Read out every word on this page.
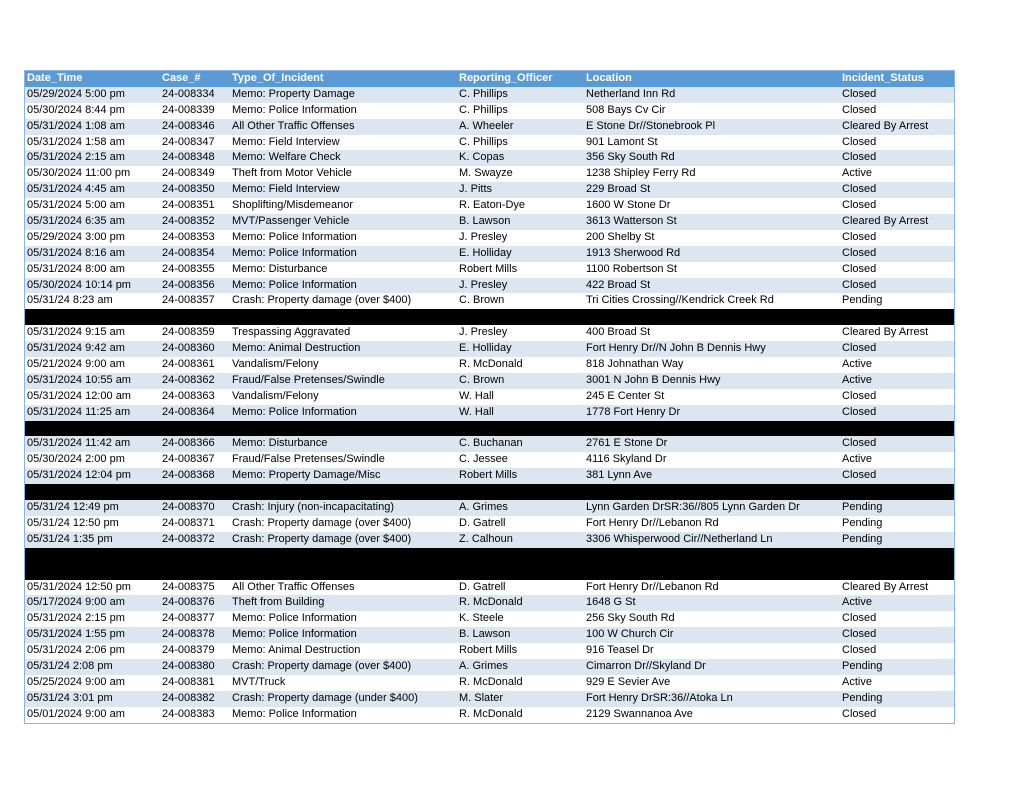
Date_Time	Case_#	Type_Of_Incident	Reporting_Officer	Location	Incident_Status
05/29/2024 5:00 pm	24-008334	Memo: Property Damage	C. Phillips	Netherland Inn Rd	Closed
05/30/2024 8:44 pm	24-008339	Memo: Police Information	C. Phillips	508 Bays Cv Cir	Closed
05/31/2024 1:08 am	24-008346	All Other Traffic Offenses	A. Wheeler	E Stone Dr//Stonebrook Pl	Cleared By Arrest
05/31/2024 1:58 am	24-008347	Memo: Field Interview	C. Phillips	901 Lamont St	Closed
05/31/2024 2:15 am	24-008348	Memo: Welfare Check	K. Copas	356 Sky South Rd	Closed
05/30/2024 11:00 pm	24-008349	Theft from Motor Vehicle	M. Swayze	1238 Shipley Ferry Rd	Active
05/31/2024 4:45 am	24-008350	Memo: Field Interview	J. Pitts	229 Broad St	Closed
05/31/2024 5:00 am	24-008351	Shoplifting/Misdemeanor	R. Eaton-Dye	1600 W Stone Dr	Closed
05/31/2024 6:35 am	24-008352	MVT/Passenger Vehicle	B. Lawson	3613 Watterson St	Cleared By Arrest
05/29/2024 3:00 pm	24-008353	Memo: Police Information	J. Presley	200 Shelby St	Closed
05/31/2024 8:16 am	24-008354	Memo: Police Information	E. Holliday	1913 Sherwood Rd	Closed
05/31/2024 8:00 am	24-008355	Memo: Disturbance	Robert Mills	1100 Robertson St	Closed
05/30/2024 10:14 pm	24-008356	Memo: Police Information	J. Presley	422 Broad St	Closed
05/31/24 8:23 am	24-008357	Crash: Property damage (over $400)	C. Brown	Tri Cities Crossing//Kendrick Creek Rd	Pending
05/31/2024 9:15 am	24-008359	Trespassing Aggravated	J. Presley	400 Broad St	Cleared By Arrest
05/31/2024 9:42 am	24-008360	Memo: Animal Destruction	E. Holliday	Fort Henry Dr//N John B Dennis Hwy	Closed
05/21/2024 9:00 am	24-008361	Vandalism/Felony	R. McDonald	818 Johnathan Way	Active
05/31/2024 10:55 am	24-008362	Fraud/False Pretenses/Swindle	C. Brown	3001 N John B Dennis Hwy	Active
05/31/2024 12:00 am	24-008363	Vandalism/Felony	W. Hall	245 E Center St	Closed
05/31/2024 11:25 am	24-008364	Memo: Police Information	W. Hall	1778 Fort Henry Dr	Closed
05/31/2024 11:42 am	24-008366	Memo: Disturbance	C. Buchanan	2761 E Stone Dr	Closed
05/30/2024 2:00 pm	24-008367	Fraud/False Pretenses/Swindle	C. Jessee	4116 Skyland Dr	Active
05/31/2024 12:04 pm	24-008368	Memo: Property Damage/Misc	Robert Mills	381 Lynn Ave	Closed
05/31/24 12:49 pm	24-008370	Crash: Injury (non-incapacitating)	A. Grimes	Lynn Garden DrSR:36//805 Lynn Garden Dr	Pending
05/31/24 12:50 pm	24-008371	Crash: Property damage (over $400)	D. Gatrell	Fort Henry Dr//Lebanon Rd	Pending
05/31/24 1:35 pm	24-008372	Crash: Property damage (over $400)	Z. Calhoun	3306 Whisperwood Cir//Netherland Ln	Pending
05/31/2024 12:50 pm	24-008375	All Other Traffic Offenses	D. Gatrell	Fort Henry Dr//Lebanon Rd	Cleared By Arrest
05/17/2024 9:00 am	24-008376	Theft from Building	R. McDonald	1648 G St	Active
05/31/2024 2:15 pm	24-008377	Memo: Police Information	K. Steele	256 Sky South Rd	Closed
05/31/2024 1:55 pm	24-008378	Memo: Police Information	B. Lawson	100 W Church Cir	Closed
05/31/2024 2:06 pm	24-008379	Memo: Animal Destruction	Robert Mills	916 Teasel Dr	Closed
05/31/24 2:08 pm	24-008380	Crash: Property damage (over $400)	A. Grimes	Cimarron Dr//Skyland Dr	Pending
05/25/2024 9:00 am	24-008381	MVT/Truck	R. McDonald	929 E Sevier Ave	Active
05/31/24 3:01 pm	24-008382	Crash: Property damage (under $400)	M. Slater	Fort Henry DrSR:36//Atoka Ln	Pending
05/01/2024 9:00 am	24-008383	Memo: Police Information	R. McDonald	2129 Swannanoa Ave	Closed
